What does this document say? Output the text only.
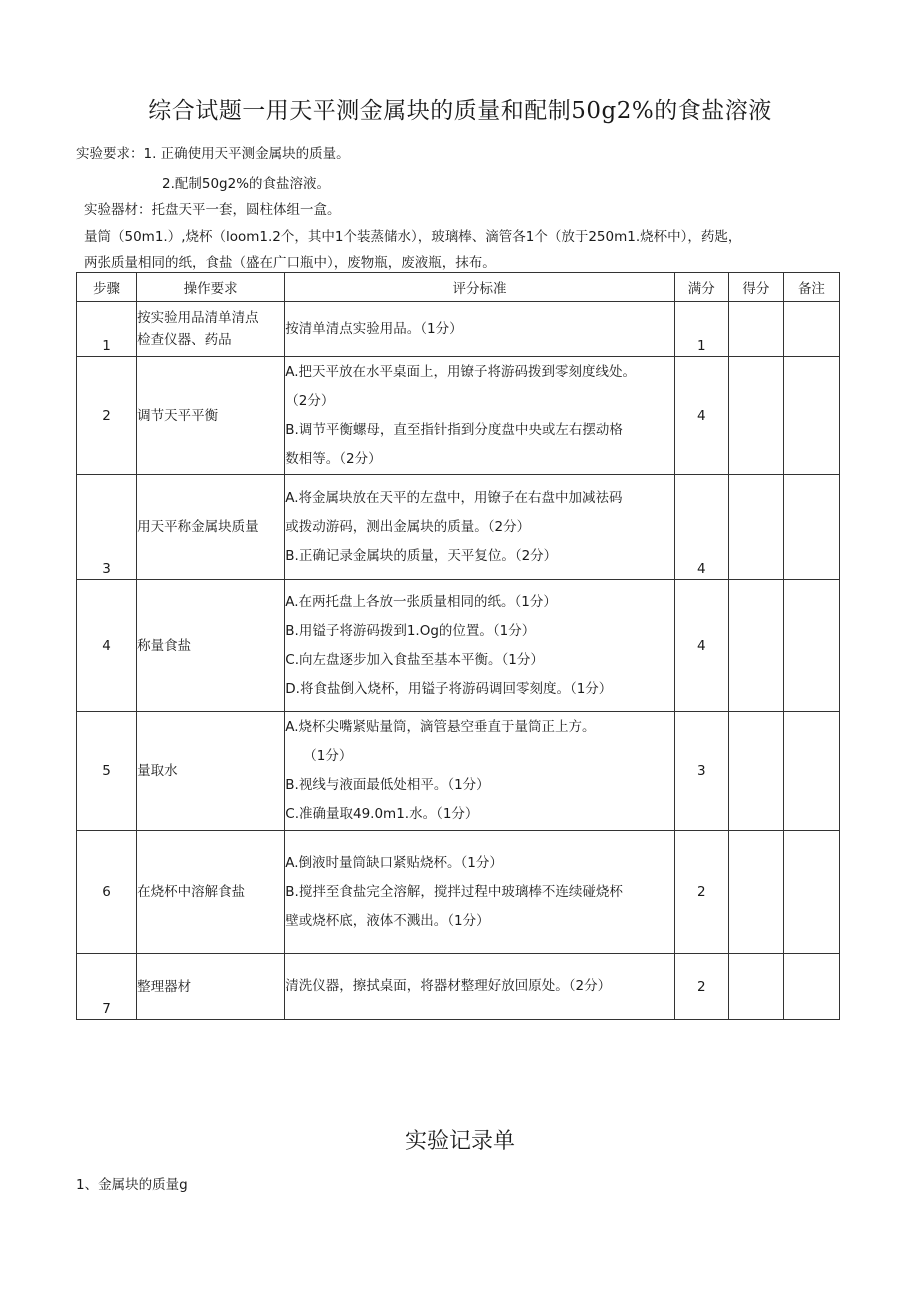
综合试题一用天平测金属块的质量和配制50g2%的食盐溶液
实验要求：1. 正确使用天平测金属块的质量。
2.配制50g2%的食盐溶液。
实验器材：托盘天平一套，圆柱体组一盒。
量筒（50m1.）,烧杯（loom1.2个，其中1个装蒸储水），玻璃棒、滴管各1个（放于250m1.烧杯中），药匙，
两张质量相同的纸，食盐（盛在广口瓶中），废物瓶，废液瓶，抹布。
步骤	操作要求	评分标准	满分	得分	备注
1	按实验用品清单清点
检查仪器、药品	按清单清点实验用品。（1分）	1		
2	调节天平平衡	A.把天平放在水平桌面上，用镣子将游码拨到零刻度线处。
（2分）
B.调节平衡螺母，直至指针指到分度盘中央或左右摆动格
数相等。（2分）	4		
3	用天平称金属块质量	A.将金属块放在天平的左盘中，用镣子在右盘中加减祛码
或拨动游码，测出金属块的质量。（2分）
B.正确记录金属块的质量，天平复位。（2分）	4		
4	称量食盐	A.在两托盘上各放一张质量相同的纸。（1分）
B.用镒子将游码拨到1.Og的位置。（1分）
C.向左盘逐步加入食盐至基本平衡。（1分）
D.将食盐倒入烧杯，用镒子将游码调回零刻度。（1分）	4		
5	量取水	A.烧杯尖嘴紧贴量筒，滴管悬空垂直于量筒正上方。
（1分）
B.视线与液面最低处相平。（1分）
C.准确量取49.0m1.水。（1分）	3		
6	在烧杯中溶解食盐	A.倒液时量筒缺口紧贴烧杯。（1分）
B.搅拌至食盐完全溶解，搅拌过程中玻璃棒不连续碰烧杯
壁或烧杯底，液体不溅出。（1分）	2		
7	整理器材	清洗仪器，擦拭桌面，将器材整理好放回原处。（2分）	2		
实验记录单
1、金属块的质量g
